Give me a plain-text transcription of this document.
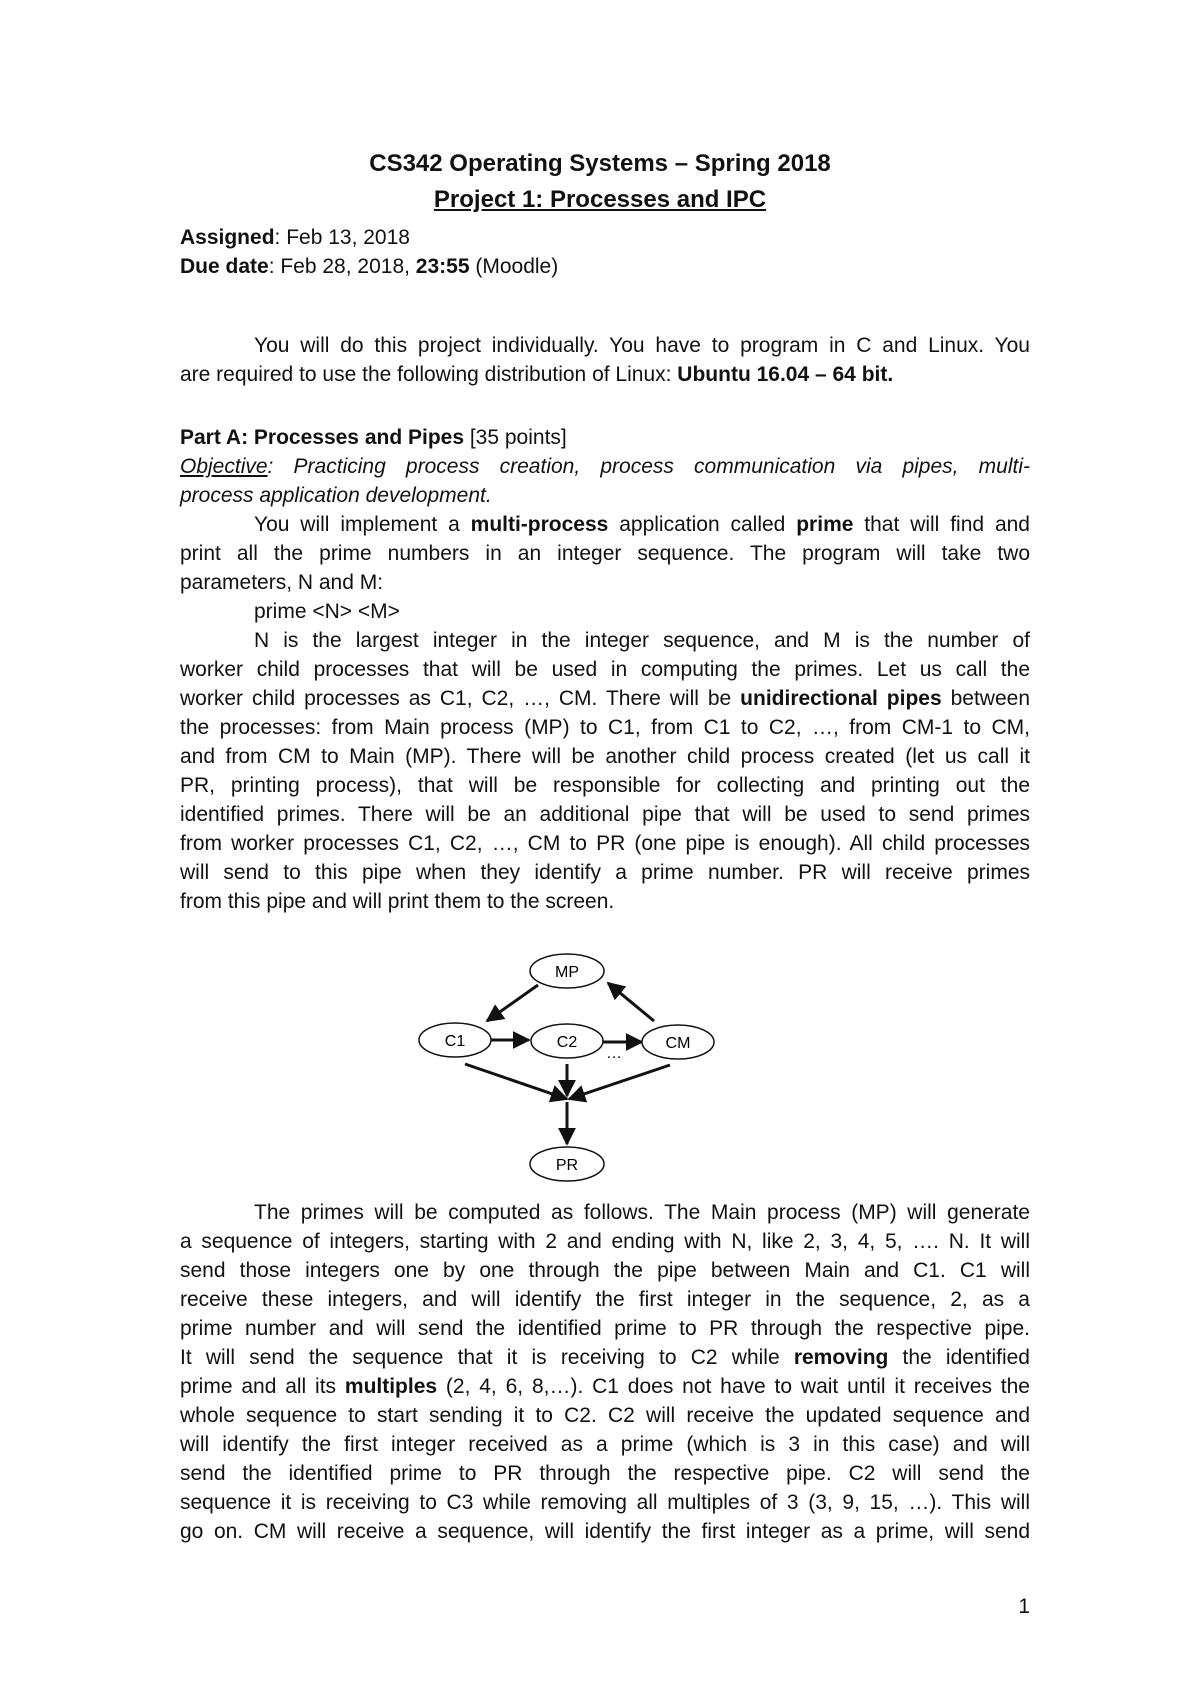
CS342 Operating Systems – Spring 2018
Project 1: Processes and IPC
Assigned: Feb 13, 2018
Due date: Feb 28, 2018, 23:55 (Moodle)
You will do this project individually. You have to program in C and Linux. You
are required to use the following distribution of Linux: Ubuntu 16.04 – 64 bit.
Part A: Processes and Pipes [35 points]
Objective: Practicing process creation, process communication via pipes, multi-
process application development.
You will implement a multi-process application called prime that will find and
print all the prime numbers in an integer sequence. The program will take two
parameters, N and M:
prime <N> <M>
N is the largest integer in the integer sequence, and M is the number of
worker child processes that will be used in computing the primes. Let us call the
worker child processes as C1, C2, …, CM. There will be unidirectional pipes between
the processes: from Main process (MP) to C1, from C1 to C2, …, from CM-1 to CM,
and from CM to Main (MP). There will be another child process created (let us call it
PR, printing process), that will be responsible for collecting and printing out the
identified primes. There will be an additional pipe that will be used to send primes
from worker processes C1, C2, …, CM to PR (one pipe is enough). All child processes
will send to this pipe when they identify a prime number. PR will receive primes
from this pipe and will print them to the screen.
MP
C1	C2
…
CM
PR
The primes will be computed as follows. The Main process (MP) will generate
a sequence of integers, starting with 2 and ending with N, like 2, 3, 4, 5, …. N. It will
send those integers one by one through the pipe between Main and C1. C1 will
receive these integers, and will identify the first integer in the sequence, 2, as a
prime number and will send the identified prime to PR through the respective pipe.
It will send the sequence that it is receiving to C2 while removing the identified
prime and all its multiples (2, 4, 6, 8,…). C1 does not have to wait until it receives the
whole sequence to start sending it to C2. C2 will receive the updated sequence and
will identify the first integer received as a prime (which is 3 in this case) and will
send the identified prime to PR through the respective pipe. C2 will send the
sequence it is receiving to C3 while removing all multiples of 3 (3, 9, 15, …). This will
go on. CM will receive a sequence, will identify the first integer as a prime, will send
1
